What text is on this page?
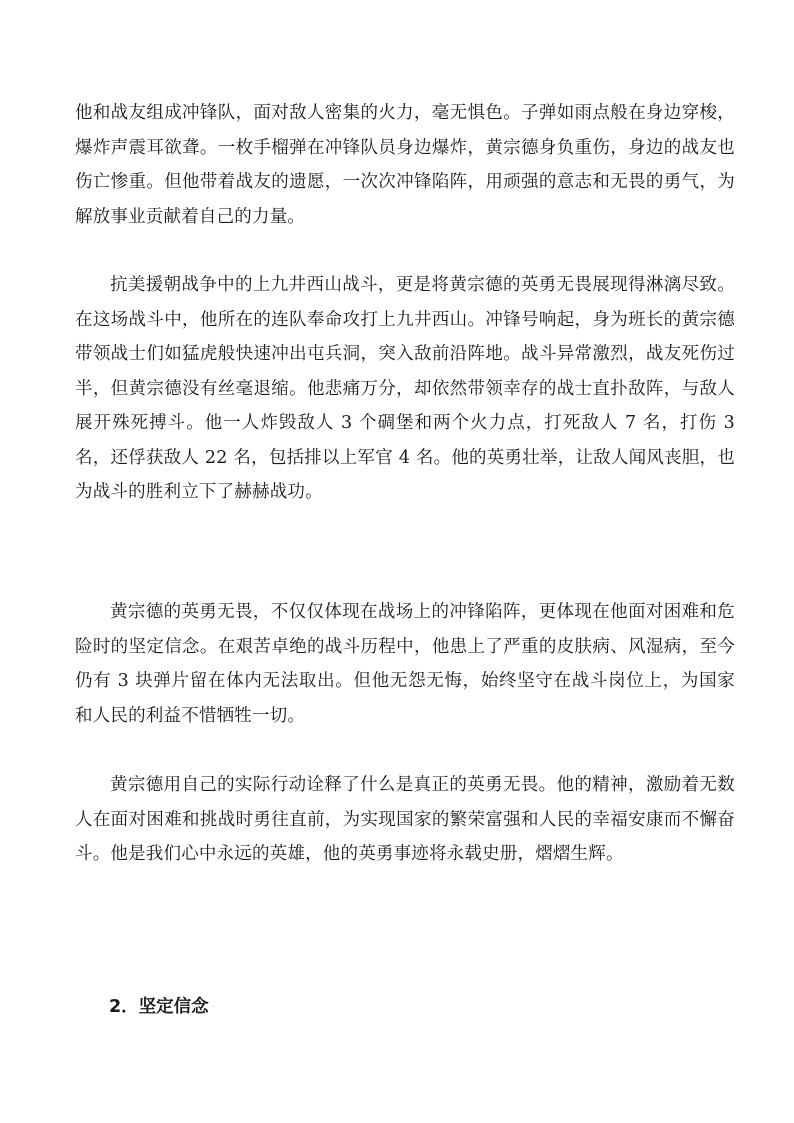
他和战友组成冲锋队，面对敌人密集的火力，毫无惧色。子弹如雨点般在身边穿梭，爆炸声震耳欲聋。一枚手榴弹在冲锋队员身边爆炸，黄宗德身负重伤，身边的战友也伤亡惨重。但他带着战友的遗愿，一次次冲锋陷阵，用顽强的意志和无畏的勇气，为解放事业贡献着自己的力量。

抗美援朝战争中的上九井西山战斗，更是将黄宗德的英勇无畏展现得淋漓尽致。在这场战斗中，他所在的连队奉命攻打上九井西山。冲锋号响起，身为班长的黄宗德带领战士们如猛虎般快速冲出屯兵洞，突入敌前沿阵地。战斗异常激烈，战友死伤过半，但黄宗德没有丝毫退缩。他悲痛万分，却依然带领幸存的战士直扑敌阵，与敌人展开殊死搏斗。他一人炸毁敌人 3 个碉堡和两个火力点，打死敌人 7 名，打伤 3 名，还俘获敌人 22 名，包括排以上军官 4 名。他的英勇壮举，让敌人闻风丧胆，也为战斗的胜利立下了赫赫战功。

黄宗德的英勇无畏，不仅仅体现在战场上的冲锋陷阵，更体现在他面对困难和危险时的坚定信念。在艰苦卓绝的战斗历程中，他患上了严重的皮肤病、风湿病，至今仍有 3 块弹片留在体内无法取出。但他无怨无悔，始终坚守在战斗岗位上，为国家和人民的利益不惜牺牲一切。

黄宗德用自己的实际行动诠释了什么是真正的英勇无畏。他的精神，激励着无数人在面对困难和挑战时勇往直前，为实现国家的繁荣富强和人民的幸福安康而不懈奋斗。他是我们心中永远的英雄，他的英勇事迹将永载史册，熠熠生辉。

2．坚定信念
